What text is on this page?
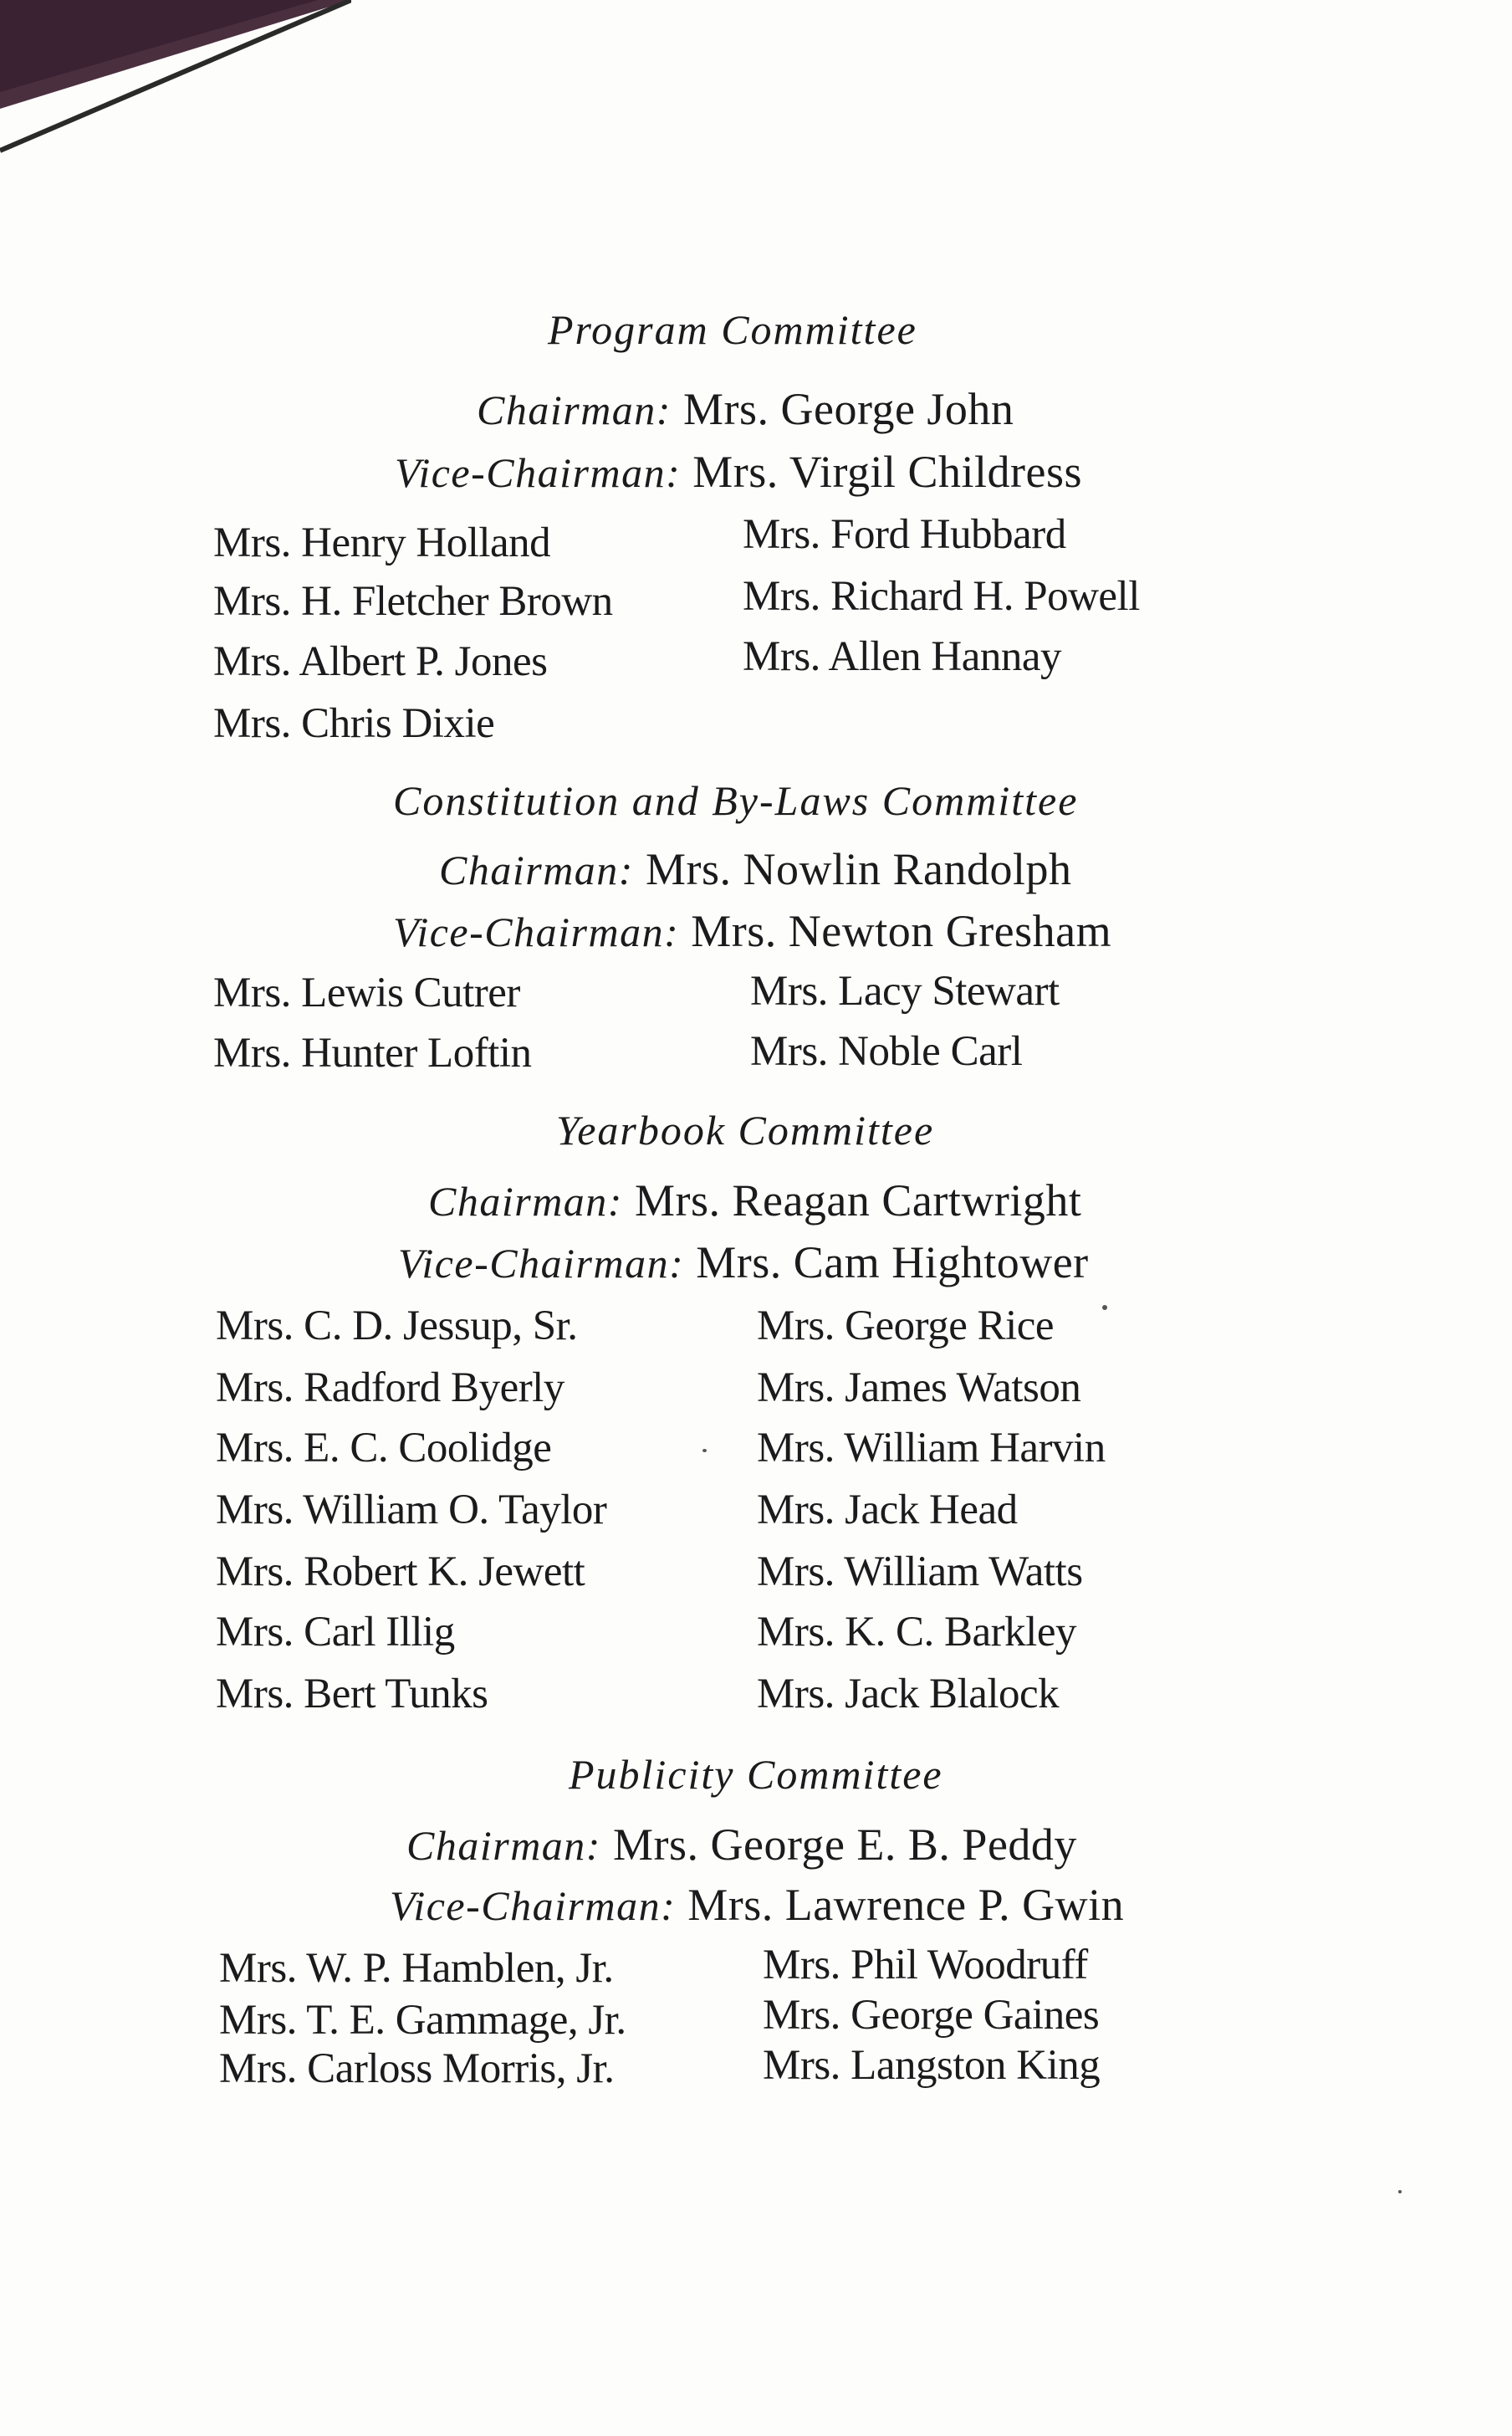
Program Committee
Chairman: Mrs. George John
Vice-Chairman: Mrs. Virgil Childress
Mrs. Henry Holland
Mrs. H. Fletcher Brown
Mrs. Albert P. Jones
Mrs. Chris Dixie
Mrs. Ford Hubbard
Mrs. Richard H. Powell
Mrs. Allen Hannay
Constitution and By-Laws Committee
Chairman: Mrs. Nowlin Randolph
Vice-Chairman: Mrs. Newton Gresham
Mrs. Lewis Cutrer
Mrs. Hunter Loftin
Mrs. Lacy Stewart
Mrs. Noble Carl
Yearbook Committee
Chairman: Mrs. Reagan Cartwright
Vice-Chairman: Mrs. Cam Hightower
Mrs. C. D. Jessup, Sr.
Mrs. Radford Byerly
Mrs. E. C. Coolidge
Mrs. William O. Taylor
Mrs. Robert K. Jewett
Mrs. Carl Illig
Mrs. Bert Tunks
Mrs. George Rice
Mrs. James Watson
Mrs. William Harvin
Mrs. Jack Head
Mrs. William Watts
Mrs. K. C. Barkley
Mrs. Jack Blalock
Publicity Committee
Chairman: Mrs. George E. B. Peddy
Vice-Chairman: Mrs. Lawrence P. Gwin
Mrs. W. P. Hamblen, Jr.
Mrs. T. E. Gammage, Jr.
Mrs. Carloss Morris, Jr.
Mrs. Phil Woodruff
Mrs. George Gaines
Mrs. Langston King
